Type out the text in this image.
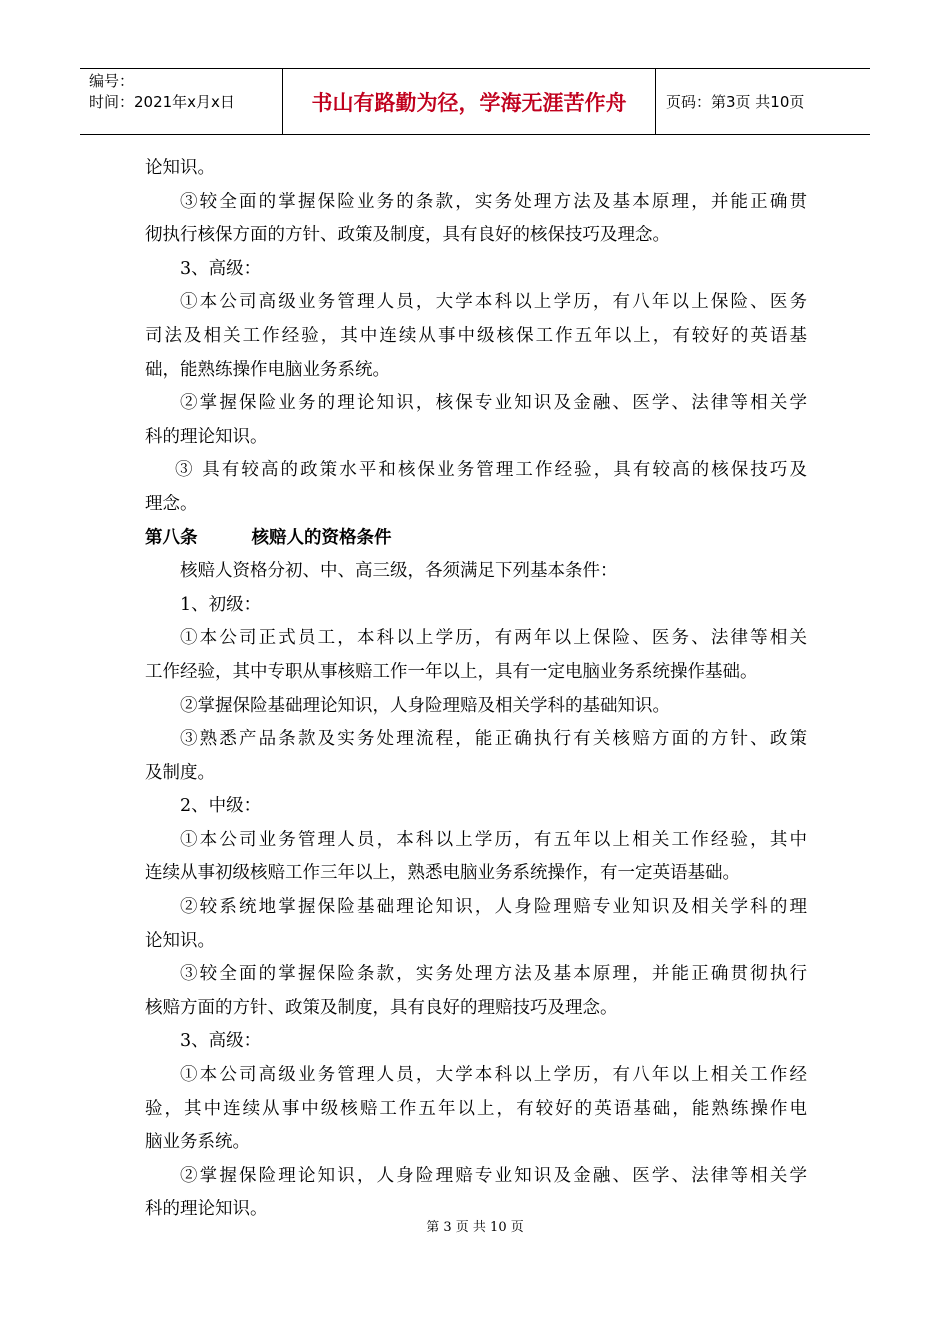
编号：
时间：2021年x月x日	书山有路勤为径，学海无涯苦作舟	页码：第3页 共10页
论知识。
③较全面的掌握保险业务的条款，实务处理方法及基本原理，并能正确贯
彻执行核保方面的方针、政策及制度，具有良好的核保技巧及理念。
3、高级：
①本公司高级业务管理人员，大学本科以上学历，有八年以上保险、医务
司法及相关工作经验，其中连续从事中级核保工作五年以上，有较好的英语基
础，能熟练操作电脑业务系统。
②掌握保险业务的理论知识，核保专业知识及金融、医学、法律等相关学
科的理论知识。
③ 具有较高的政策水平和核保业务管理工作经验，具有较高的核保技巧及
理念。
第八条	核赔人的资格条件
核赔人资格分初、中、高三级，各须满足下列基本条件：
1、初级：
①本公司正式员工，本科以上学历，有两年以上保险、医务、法律等相关
工作经验，其中专职从事核赔工作一年以上，具有一定电脑业务系统操作基础。
②掌握保险基础理论知识，人身险理赔及相关学科的基础知识。
③熟悉产品条款及实务处理流程，能正确执行有关核赔方面的方针、政策
及制度。
2、中级：
①本公司业务管理人员，本科以上学历，有五年以上相关工作经验，其中
连续从事初级核赔工作三年以上，熟悉电脑业务系统操作，有一定英语基础。
②较系统地掌握保险基础理论知识，人身险理赔专业知识及相关学科的理
论知识。
③较全面的掌握保险条款，实务处理方法及基本原理，并能正确贯彻执行
核赔方面的方针、政策及制度，具有良好的理赔技巧及理念。
3、高级：
①本公司高级业务管理人员，大学本科以上学历，有八年以上相关工作经
验，其中连续从事中级核赔工作五年以上，有较好的英语基础，能熟练操作电
脑业务系统。
②掌握保险理论知识，人身险理赔专业知识及金融、医学、法律等相关学
科的理论知识。
第 3 页 共 10 页
